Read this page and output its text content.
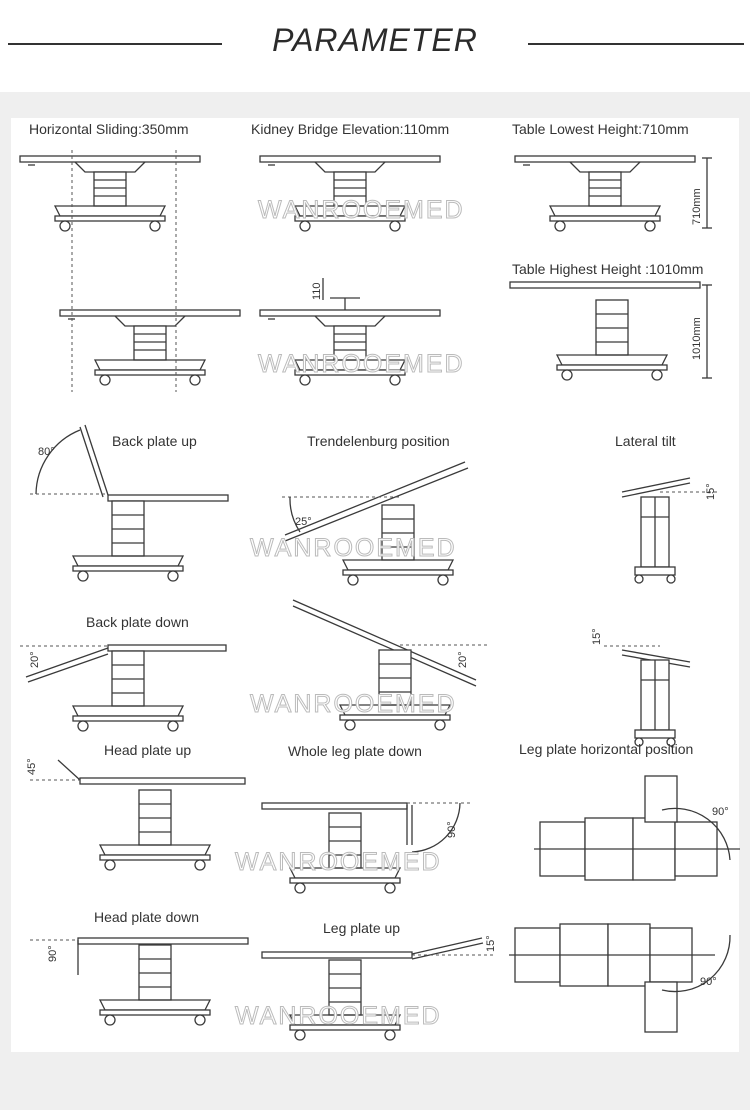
PARAMETER
110
710mm
1010mm
80°
25°
15°
20°	20°
15°
45°
90°
90°
90°
15°
90°
Horizontal Sliding:350mm	Kidney Bridge Elevation:110mm	Table Lowest Height:710mm
Table Highest Height :1010mm
Back plate up	Trendelenburg position	Lateral tilt
Back plate down
Head plate up	Whole leg plate down	Leg plate horizontal position
Head plate down
Leg plate up
WANROOEMED
WANROOEMED
WANROOEMED
WANROOEMED
WANROOEMED
WANROOEMED
